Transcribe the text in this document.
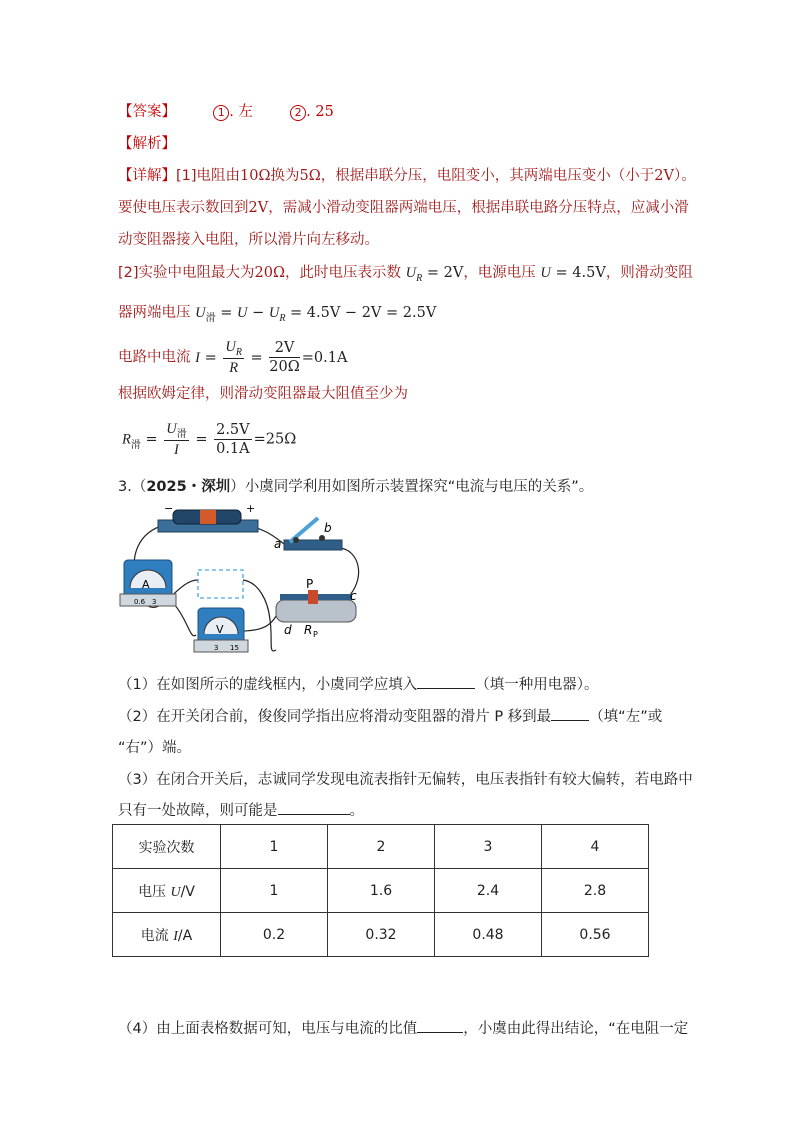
【答案】	1 . 左	2 . 25
【解析】
【详解】[1]电阻由10Ω换为5Ω，根据串联分压，电阻变小，其两端电压变小（小于2V）。
要使电压表示数回到2V，需减小滑动变阻器两端电压，根据串联电路分压特点，应减小滑
动变阻器接入电阻，所以滑片向左移动。
[2]实验中电阻最大为20Ω，此时电压表示数 $U_R = 2V$，电源电压 U = 4.5V，则滑动变阻
器两端电压 $U_滑 = U - U_R = 4.5V - 2V = 2.5V$
电路中电流 $I = \frac{U_R}{R} = \frac{2V}{20\Omega} =0.1A$
根据欧姆定律，则滑动变阻器最大阻值至少为
$R_滑 = \frac{U_滑}{I} = \frac{2.5V}{0.1A} =25\Omega$
3.（2025・深圳）小虞同学利用如图所示装置探究“电流与电压的关系”。
−	+
a
b
A
0.6 3
V
3 15
P
c
d R P
（1）在如图所示的虚线框内，小虞同学应填入	（填一种用电器）。
（2）在开关闭合前，俊俊同学指出应将滑动变阻器的滑片 P 移到最	（填“左”或
“右”）端。
（3）在闭合开关后，志诚同学发现电流表指针无偏转，电压表指针有较大偏转，若电路中
只有一处故障，则可能是	。
实验次数	1	2	3	4
电压 U/V	1	1.6	2.4	2.8
电流 I/A	0.2	0.32	0.48	0.56
（4）由上面表格数据可知，电压与电流的比值	，小虞由此得出结论，“在电阻一定
